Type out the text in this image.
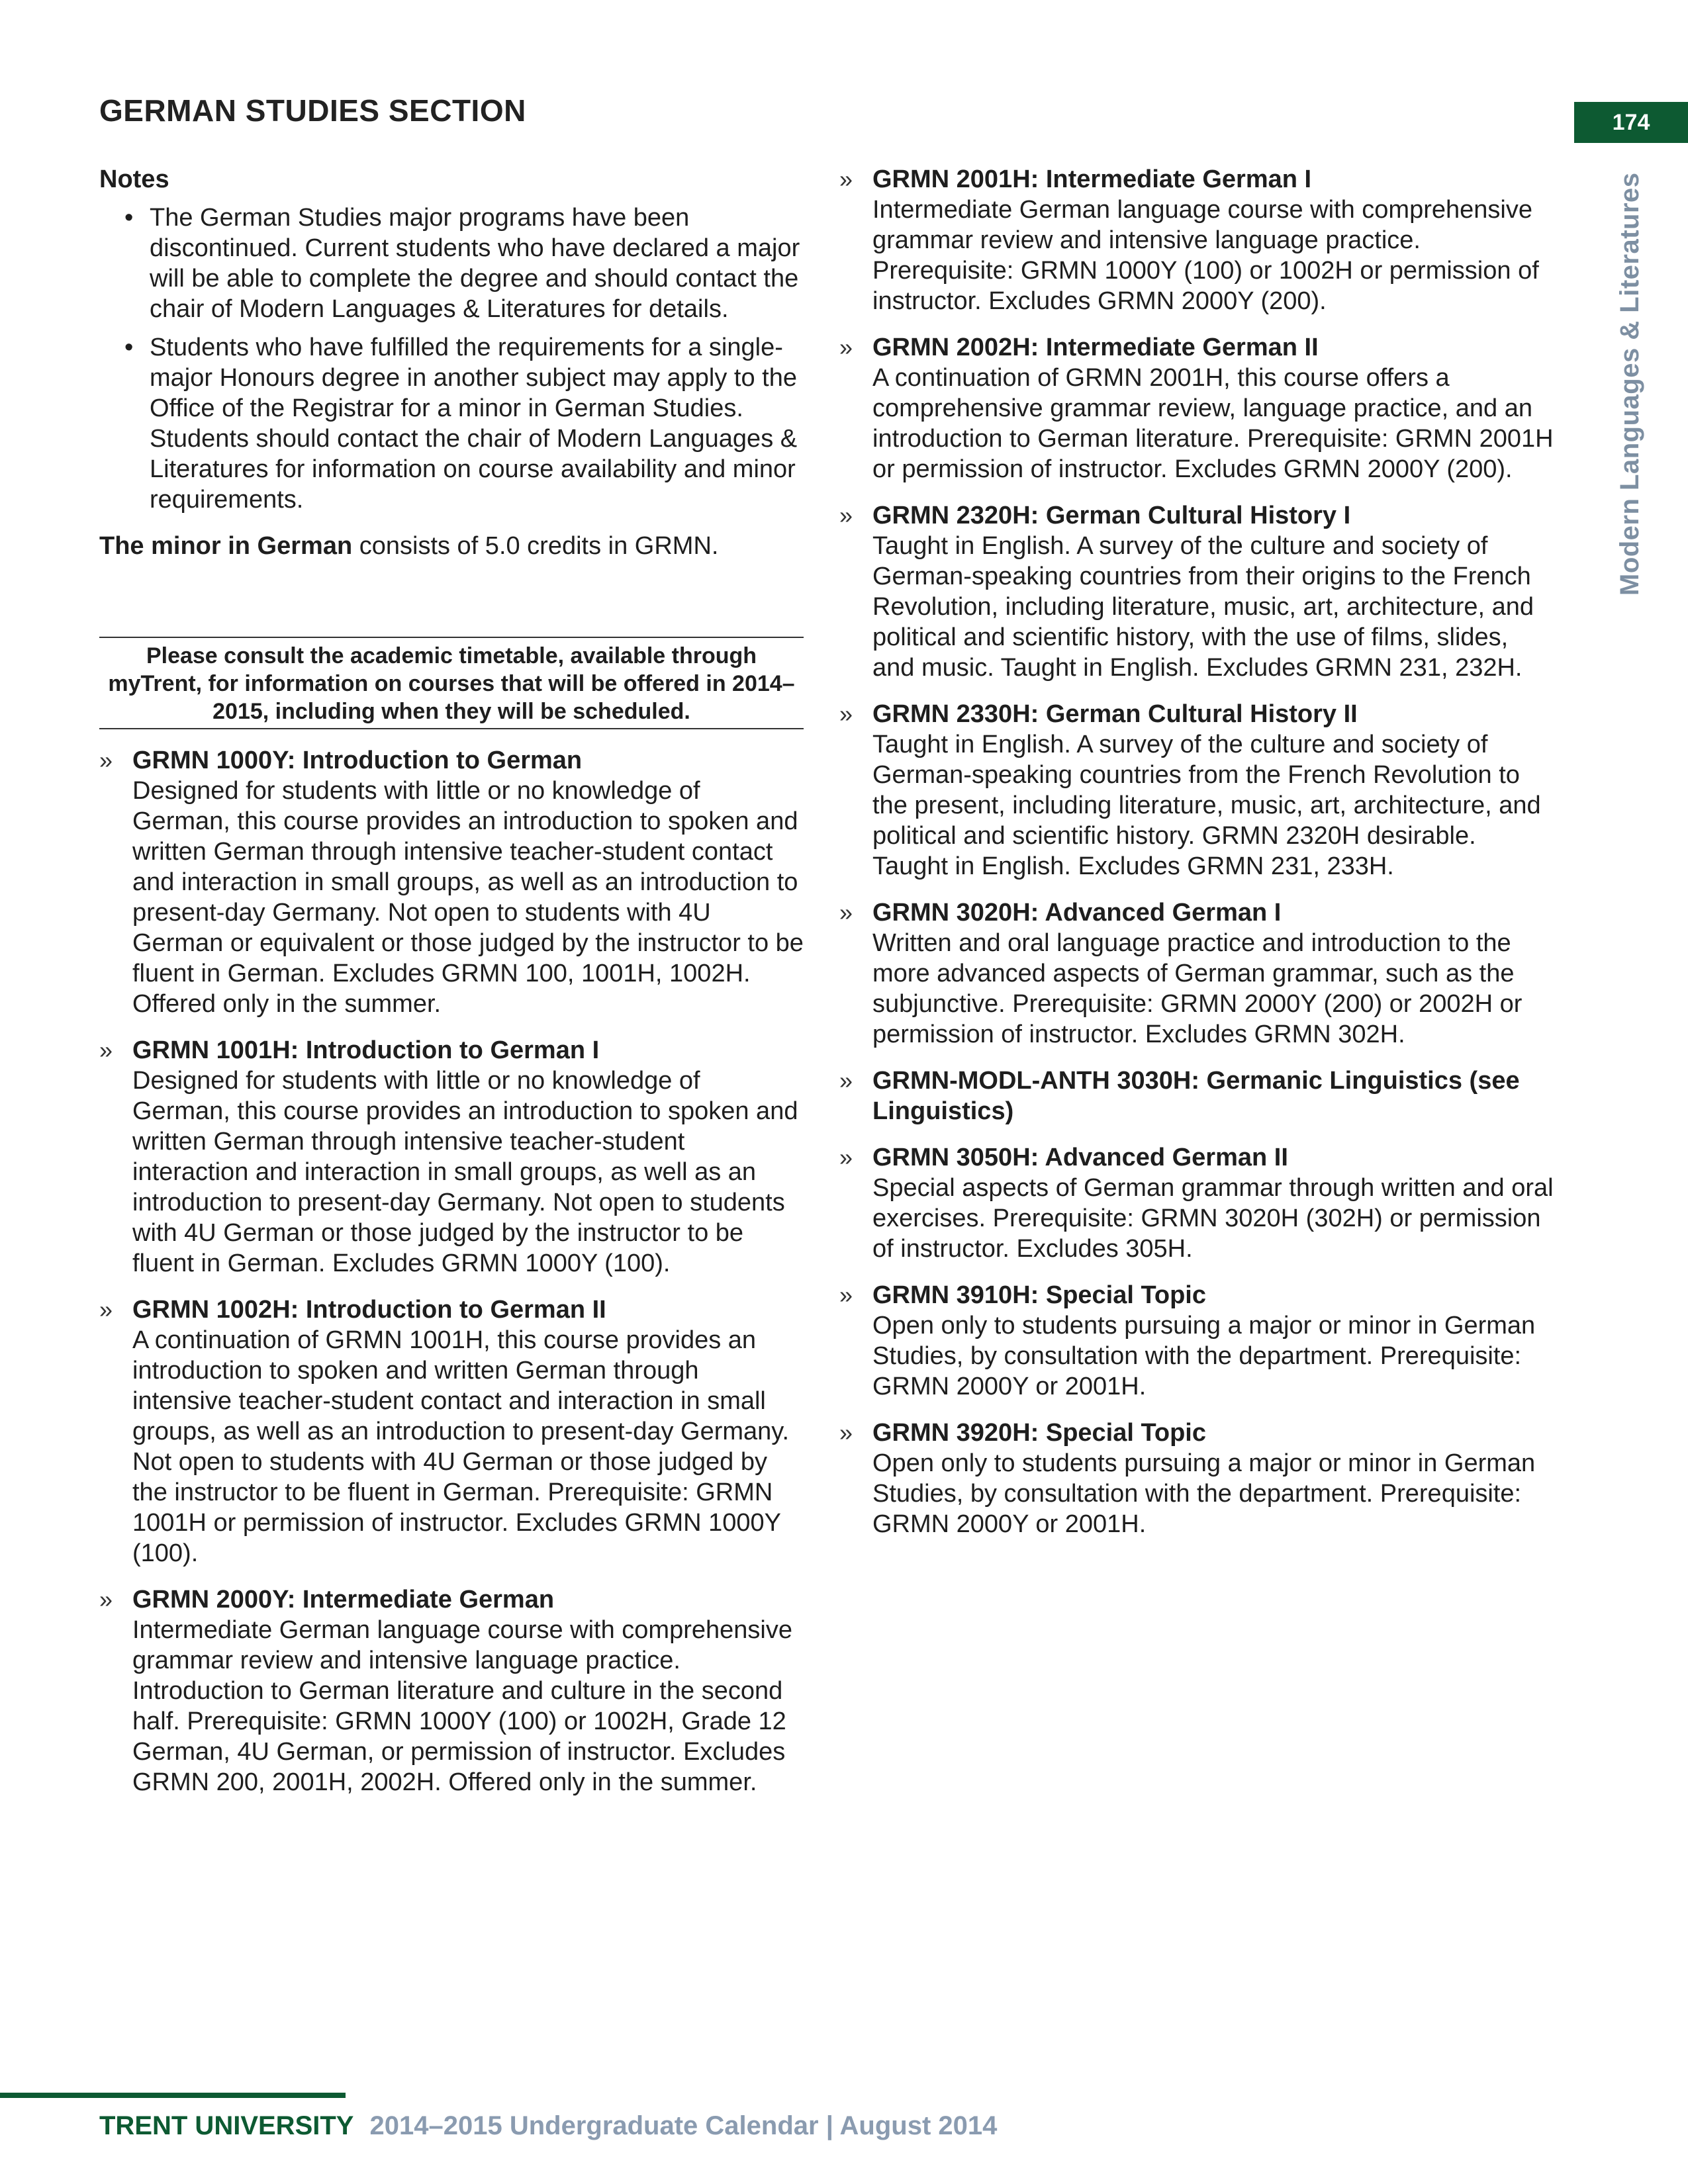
GERMAN STUDIES SECTION	174
Modern Languages & Literatures
Notes
• The German Studies major programs have been discontinued. Current students who have declared a major will be able to complete the degree and should contact the chair of Modern Languages & Literatures for details.
• Students who have fulfilled the requirements for a single-major Honours degree in another subject may apply to the Office of the Registrar for a minor in German Studies. Students should contact the chair of Modern Languages & Literatures for information on course availability and minor requirements.
The minor in German consists of 5.0 credits in GRMN.
Please consult the academic timetable, available through myTrent, for information on courses that will be offered in 2014–2015, including when they will be scheduled.
» GRMN 1000Y: Introduction to German
Designed for students with little or no knowledge of German, this course provides an introduction to spoken and written German through intensive teacher-student contact and interaction in small groups, as well as an introduction to present-day Germany. Not open to students with 4U German or equivalent or those judged by the instructor to be fluent in German. Excludes GRMN 100, 1001H, 1002H. Offered only in the summer.
» GRMN 1001H: Introduction to German I
Designed for students with little or no knowledge of German, this course provides an introduction to spoken and written German through intensive teacher-student interaction and interaction in small groups, as well as an introduction to present-day Germany. Not open to students with 4U German or those judged by the instructor to be fluent in German. Excludes GRMN 1000Y (100).
» GRMN 1002H: Introduction to German II
A continuation of GRMN 1001H, this course provides an introduction to spoken and written German through intensive teacher-student contact and interaction in small groups, as well as an introduction to present-day Germany. Not open to students with 4U German or those judged by the instructor to be fluent in German. Prerequisite: GRMN 1001H or permission of instructor. Excludes GRMN 1000Y (100).
» GRMN 2000Y: Intermediate German
Intermediate German language course with comprehensive grammar review and intensive language practice. Introduction to German literature and culture in the second half. Prerequisite: GRMN 1000Y (100) or 1002H, Grade 12 German, 4U German, or permission of instructor. Excludes GRMN 200, 2001H, 2002H. Offered only in the summer.
» GRMN 2001H: Intermediate German I
Intermediate German language course with comprehensive grammar review and intensive language practice. Prerequisite: GRMN 1000Y (100) or 1002H or permission of instructor. Excludes GRMN 2000Y (200).
» GRMN 2002H: Intermediate German II
A continuation of GRMN 2001H, this course offers a comprehensive grammar review, language practice, and an introduction to German literature. Prerequisite: GRMN 2001H or permission of instructor. Excludes GRMN 2000Y (200).
» GRMN 2320H: German Cultural History I
Taught in English. A survey of the culture and society of German-speaking countries from their origins to the French Revolution, including literature, music, art, architecture, and political and scientific history, with the use of films, slides, and music. Taught in English. Excludes GRMN 231, 232H.
» GRMN 2330H: German Cultural History II
Taught in English. A survey of the culture and society of German-speaking countries from the French Revolution to the present, including literature, music, art, architecture, and political and scientific history. GRMN 2320H desirable. Taught in English. Excludes GRMN 231, 233H.
» GRMN 3020H: Advanced German I
Written and oral language practice and introduction to the more advanced aspects of German grammar, such as the subjunctive. Prerequisite: GRMN 2000Y (200) or 2002H or permission of instructor. Excludes GRMN 302H.
» GRMN-MODL-ANTH 3030H: Germanic Linguistics (see Linguistics)
» GRMN 3050H: Advanced German II
Special aspects of German grammar through written and oral exercises. Prerequisite: GRMN 3020H (302H) or permission of instructor. Excludes 305H.
» GRMN 3910H: Special Topic
Open only to students pursuing a major or minor in German Studies, by consultation with the department. Prerequisite: GRMN 2000Y or 2001H.
» GRMN 3920H: Special Topic
Open only to students pursuing a major or minor in German Studies, by consultation with the department. Prerequisite: GRMN 2000Y or 2001H.
TRENT UNIVERSITY 2014–2015 Undergraduate Calendar | August 2014
